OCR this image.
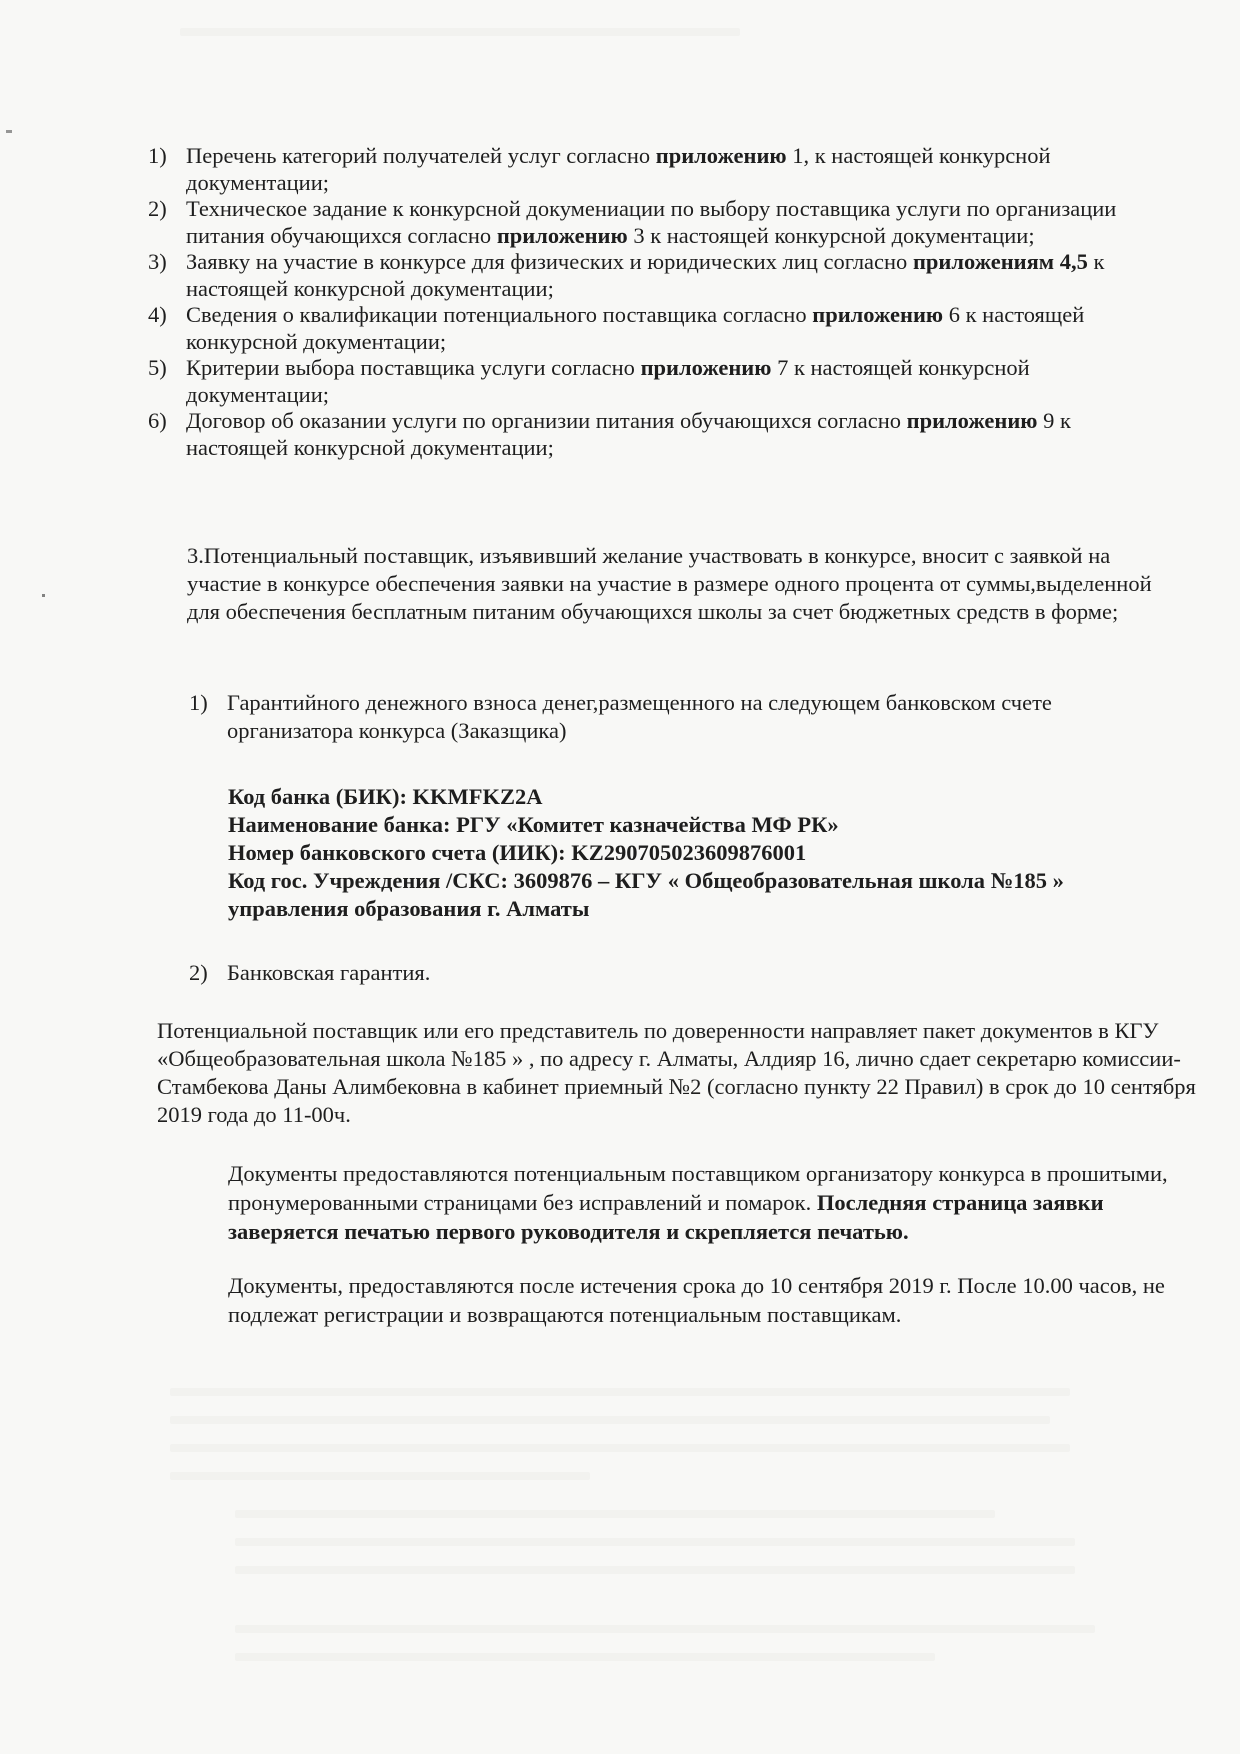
1) Перечень категорий получателей услуг согласно приложению 1, к настоящей конкурсной документации;
2) Техническое задание к конкурсной докумениации по выбору поставщика услуги по организации питания обучающихся согласно приложению 3 к настоящей конкурсной документации;
3) Заявку на участие в конкурсе для физических и юридических лиц согласно приложениям 4,5 к настоящей конкурсной документации;
4) Сведения о квалификации потенциального поставщика согласно приложению 6 к настоящей конкурсной документации;
5) Критерии выбора поставщика услуги согласно приложению 7 к настоящей конкурсной документации;
6) Договор об оказании услуги по организии питания обучающихся согласно приложению 9 к настоящей конкурсной документации;
3.Потенциальный поставщик, изъявивший желание участвовать в конкурсе, вносит с заявкой на участие в конкурсе обеспечения заявки на участие в размере одного процента от суммы,выделенной для обеспечения бесплатным питаним обучающихся школы за счет бюджетных средств в форме;
1) Гарантийного денежного взноса денег,размещенного на следующем банковском счете организатора конкурса (Заказщика)
Код банка (БИК): KKMFKZ2A
Наименование банка: РГУ «Комитет казначейства МФ РК»
Номер банковского счета (ИИК): KZ290705023609876001
Код гос. Учреждения /СКС: 3609876 – КГУ « Общеобразовательная школа №185 »
управления образования г. Алматы
2) Банковская гарантия.
Потенциальной поставщик или его представитель по доверенности направляет пакет документов в КГУ «Общеобразовательная школа №185 » , по адресу г. Алматы, Алдияр 16, лично сдает секретарю комиссии- Стамбекова Даны Алимбековна в кабинет приемный №2 (согласно пункту 22 Правил) в срок до 10 сентября 2019 года до 11-00ч.
Документы предоставляются потенциальным поставщиком организатору конкурса в прошитыми, пронумерованными страницами без исправлений и помарок. Последняя страница заявки заверяется печатью первого руководителя и скрепляется печатью.
Документы, предоставляются после истечения срока до 10 сентября 2019 г. После 10.00 часов, не подлежат регистрации и возвращаются потенциальным поставщикам.
